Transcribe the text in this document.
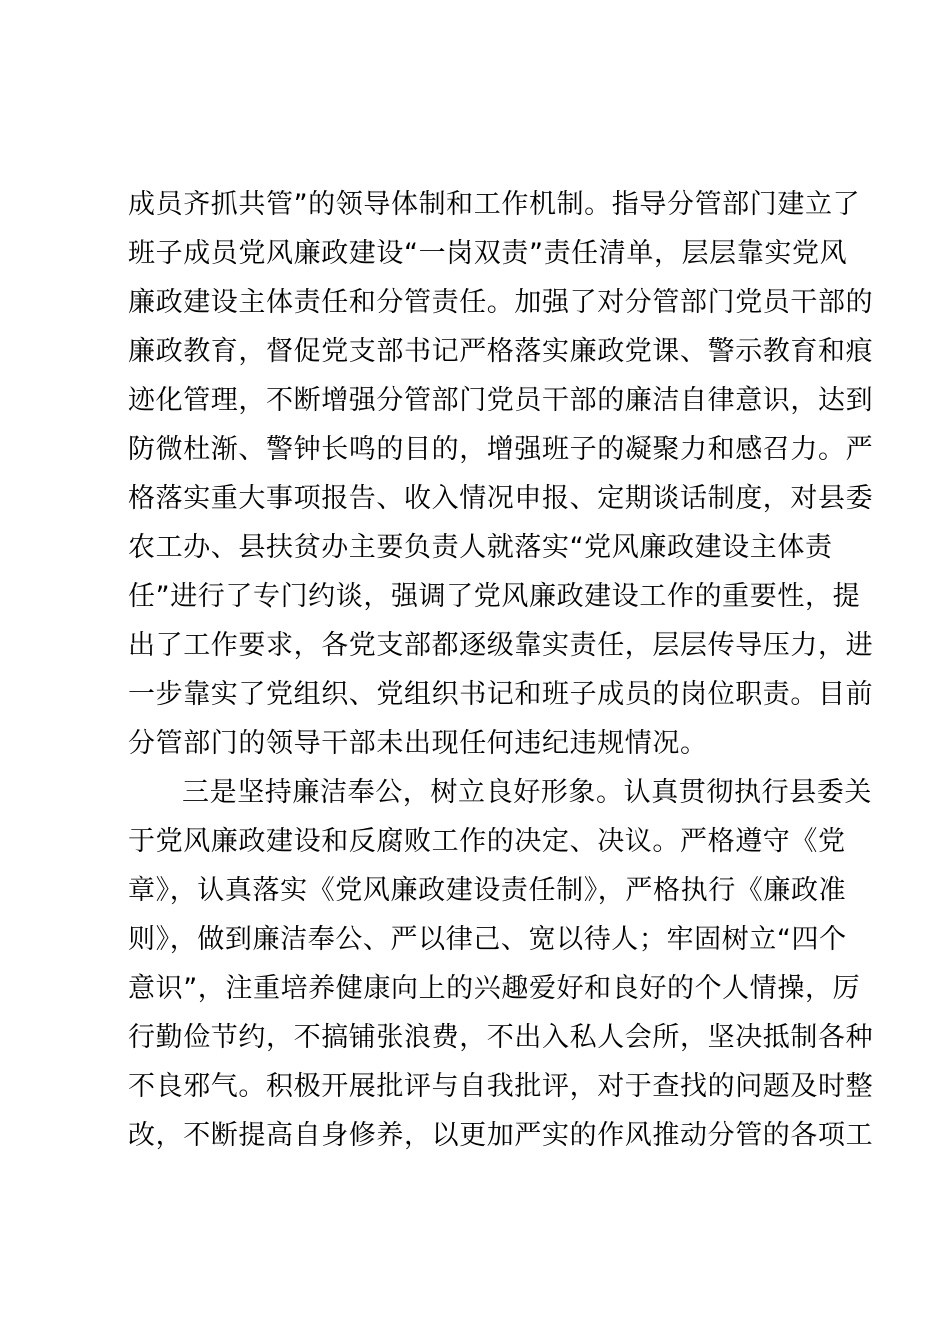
成员齐抓共管”的领导体制和工作机制。指导分管部门建立了
班子成员党风廉政建设“一岗双责”责任清单，层层靠实党风
廉政建设主体责任和分管责任。加强了对分管部门党员干部的
廉政教育，督促党支部书记严格落实廉政党课、警示教育和痕
迹化管理，不断增强分管部门党员干部的廉洁自律意识，达到
防微杜渐、警钟长鸣的目的，增强班子的凝聚力和感召力。严
格落实重大事项报告、收入情况申报、定期谈话制度，对县委
农工办、县扶贫办主要负责人就落实“党风廉政建设主体责
任”进行了专门约谈，强调了党风廉政建设工作的重要性，提
出了工作要求，各党支部都逐级靠实责任，层层传导压力，进
一步靠实了党组织、党组织书记和班子成员的岗位职责。目前
分管部门的领导干部未出现任何违纪违规情况。
三是坚持廉洁奉公，树立良好形象。认真贯彻执行县委关
于党风廉政建设和反腐败工作的决定、决议。严格遵守《党
章》，认真落实《党风廉政建设责任制》，严格执行《廉政准
则》，做到廉洁奉公、严以律己、宽以待人；牢固树立“四个
意识”，注重培养健康向上的兴趣爱好和良好的个人情操，厉
行勤俭节约，不搞铺张浪费，不出入私人会所，坚决抵制各种
不良邪气。积极开展批评与自我批评，对于查找的问题及时整
改，不断提高自身修养，以更加严实的作风推动分管的各项工
